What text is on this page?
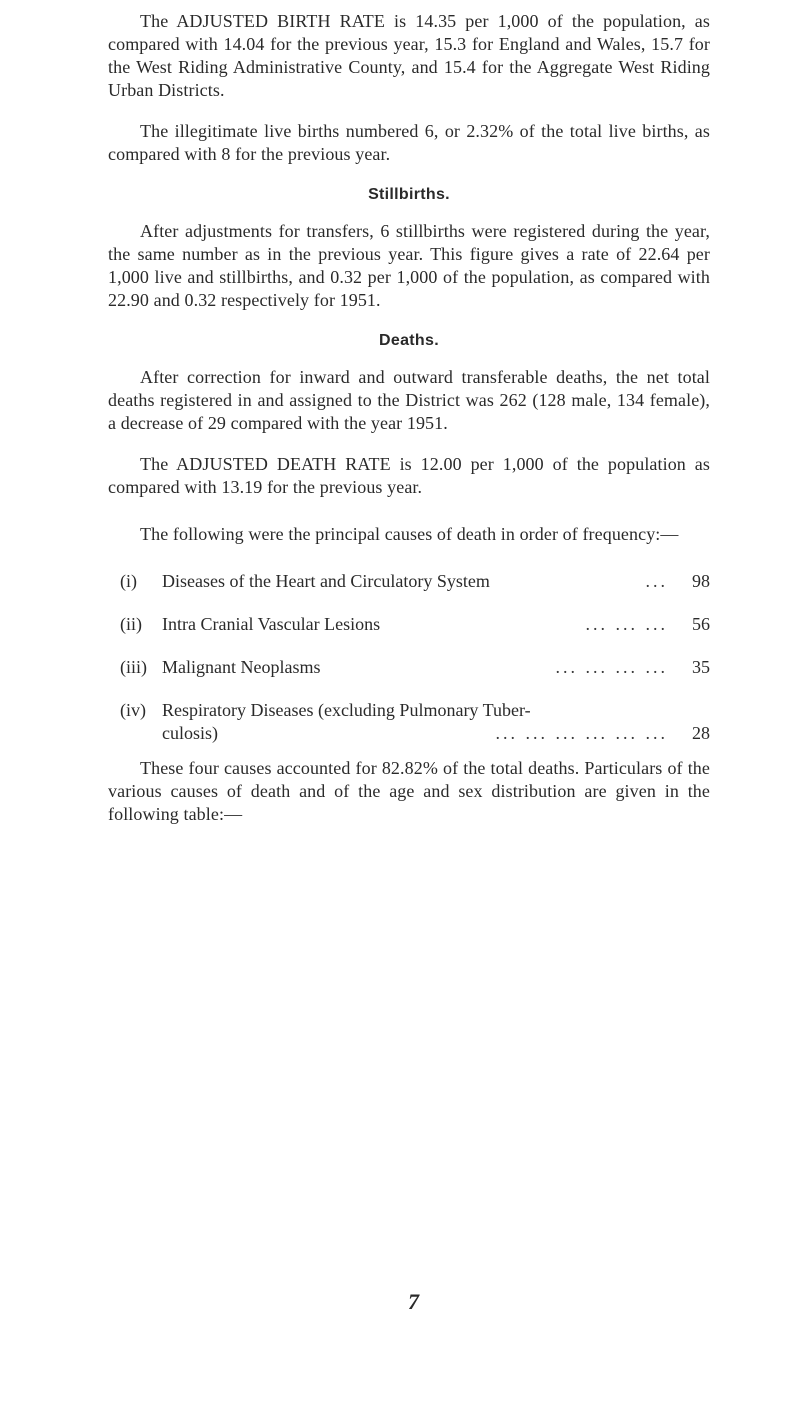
The ADJUSTED BIRTH RATE is 14.35 per 1,000 of the population, as compared with 14.04 for the previous year, 15.3 for England and Wales, 15.7 for the West Riding Administrative County, and 15.4 for the Aggregate West Riding Urban Districts.

The illegitimate live births numbered 6, or 2.32% of the total live births, as compared with 8 for the previous year.

Stillbirths.

After adjustments for transfers, 6 stillbirths were registered during the year, the same number as in the previous year. This figure gives a rate of 22.64 per 1,000 live and stillbirths, and 0.32 per 1,000 of the population, as compared with 22.90 and 0.32 respectively for 1951.

Deaths.

After correction for inward and outward transferable deaths, the net total deaths registered in and assigned to the District was 262 (128 male, 134 female), a decrease of 29 compared with the year 1951.

The ADJUSTED DEATH RATE is 12.00 per 1,000 of the population as compared with 13.19 for the previous year.

The following were the principal causes of death in order of frequency:—

(i)	Diseases of the Heart and Circulatory System	...	98
(ii)	Intra Cranial Vascular Lesions	... ... ...	56
(iii) Malignant Neoplasms	... ... ... ...	35
(iv) Respiratory Diseases (excluding Pulmonary Tuber-
culosis)	... ... ... ... ... ...	28

These four causes accounted for 82.82% of the total deaths. Particulars of the various causes of death and of the age and sex distribution are given in the following table:—

7
